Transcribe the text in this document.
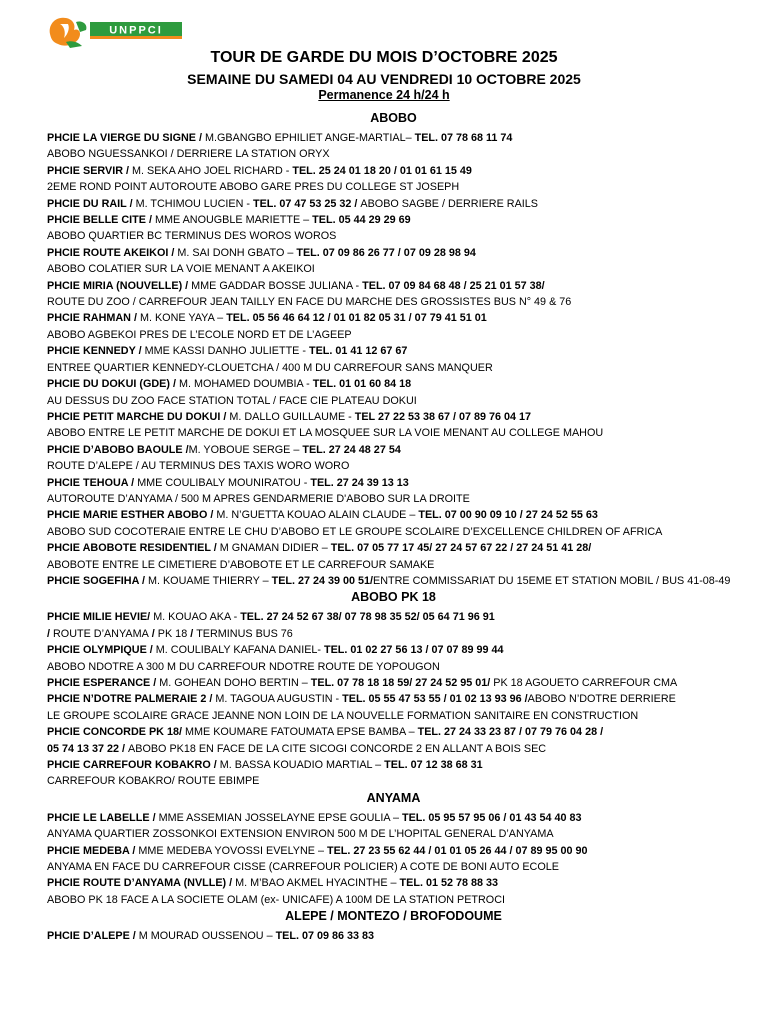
UNPPCI
TOUR DE GARDE DU MOIS D’OCTOBRE 2025
SEMAINE DU SAMEDI 04 AU VENDREDI 10 OCTOBRE 2025
Permanence 24 h/24 h
ABOBO
PHCIE LA VIERGE DU SIGNE / M.GBANGBO EPHILIET ANGE-MARTIAL– TEL. 07 78 68 11 74
ABOBO NGUESSANKOI / DERRIERE LA STATION ORYX
PHCIE SERVIR / M. SEKA AHO JOEL RICHARD - TEL. 25 24 01 18 20 / 01 01 61 15 49
2EME ROND POINT AUTOROUTE ABOBO GARE PRES DU COLLEGE ST JOSEPH
PHCIE DU RAIL / M. TCHIMOU LUCIEN - TEL. 07 47 53 25 32 / ABOBO SAGBE / DERRIERE RAILS
PHCIE BELLE CITE / MME ANOUGBLE MARIETTE – TEL. 05 44 29 29 69
ABOBO QUARTIER BC TERMINUS DES WOROS WOROS
PHCIE ROUTE AKEIKOI / M. SAI DONH GBATO – TEL. 07 09 86 26 77 / 07 09 28 98 94
ABOBO COLATIER SUR LA VOIE MENANT A AKEIKOI
PHCIE MIRIA (NOUVELLE) / MME GADDAR BOSSE JULIANA - TEL. 07 09 84 68 48 / 25 21 01 57 38/
ROUTE DU ZOO / CARREFOUR JEAN TAILLY EN FACE DU MARCHE DES GROSSISTES BUS N° 49 & 76
PHCIE RAHMAN / M. KONE YAYA – TEL. 05 56 46 64 12 / 01 01 82 05 31 / 07 79 41 51 01
ABOBO AGBEKOI PRES DE L’ECOLE NORD ET DE L’AGEEP
PHCIE KENNEDY / MME KASSI DANHO JULIETTE - TEL. 01 41 12 67 67
ENTREE QUARTIER KENNEDY-CLOUETCHA / 400 M DU CARREFOUR SANS MANQUER
PHCIE DU DOKUI (GDE) / M. MOHAMED DOUMBIA - TEL. 01 01 60 84 18
AU DESSUS DU ZOO FACE STATION TOTAL / FACE CIE PLATEAU DOKUI
PHCIE PETIT MARCHE DU DOKUI / M. DALLO GUILLAUME - TEL 27 22 53 38 67 / 07 89 76 04 17
ABOBO ENTRE LE PETIT MARCHE DE DOKUI ET LA MOSQUEE SUR LA VOIE MENANT AU COLLEGE MAHOU
PHCIE D’ABOBO BAOULE /M. YOBOUE SERGE – TEL. 27 24 48 27 54
ROUTE D’ALEPE / AU TERMINUS DES TAXIS WORO WORO
PHCIE TEHOUA / MME COULIBALY MOUNIRATOU - TEL. 27 24 39 13 13
AUTOROUTE D’ANYAMA / 500 M APRES GENDARMERIE D'ABOBO SUR LA DROITE
PHCIE MARIE ESTHER ABOBO / M. N’GUETTA KOUAO ALAIN CLAUDE – TEL. 07 00 90 09 10 / 27 24 52 55 63
ABOBO SUD COCOTERAIE ENTRE LE CHU D’ABOBO ET LE GROUPE SCOLAIRE D’EXCELLENCE CHILDREN OF AFRICA
PHCIE ABOBOTE RESIDENTIEL / M GNAMAN DIDIER – TEL. 07 05 77 17 45/ 27 24 57 67 22 / 27 24 51 41 28/
ABOBOTE ENTRE LE CIMETIERE D’ABOBOTE ET LE CARREFOUR SAMAKE
PHCIE SOGEFIHA / M. KOUAME THIERRY – TEL. 27 24 39 00 51/ENTRE COMMISSARIAT DU 15EME ET STATION MOBIL / BUS 41-08-49
ABOBO PK 18
PHCIE MILIE HEVIE/ M. KOUAO AKA - TEL. 27 24 52 67 38/ 07 78 98 35 52/ 05 64 71 96 91
/ ROUTE D’ANYAMA / PK 18 / TERMINUS BUS 76
PHCIE OLYMPIQUE / M. COULIBALY KAFANA DANIEL- TEL. 01 02 27 56 13 / 07 07 89 99 44
ABOBO NDOTRE A 300 M DU CARREFOUR NDOTRE ROUTE DE YOPOUGON
PHCIE ESPERANCE / M. GOHEAN DOHO BERTIN – TEL. 07 78 18 18 59/ 27 24 52 95 01/ PK 18 AGOUETO CARREFOUR CMA
PHCIE N’DOTRE PALMERAIE 2 / M. TAGOUA AUGUSTIN - TEL. 05 55 47 53 55 / 01 02 13 93 96 /ABOBO N’DOTRE DERRIERE
LE GROUPE SCOLAIRE GRACE JEANNE NON LOIN DE LA NOUVELLE FORMATION SANITAIRE EN CONSTRUCTION
PHCIE CONCORDE PK 18/ MME KOUMARE FATOUMATA EPSE BAMBA – TEL. 27 24 33 23 87 / 07 79 76 04 28 /
05 74 13 37 22 / ABOBO PK18 EN FACE DE LA CITE SICOGI CONCORDE 2 EN ALLANT A BOIS SEC
PHCIE CARREFOUR KOBAKRO / M. BASSA KOUADIO MARTIAL – TEL. 07 12 38 68 31
CARREFOUR KOBAKRO/ ROUTE EBIMPE
ANYAMA
PHCIE LE LABELLE / MME ASSEMIAN JOSSELAYNE EPSE GOULIA – TEL. 05 95 57 95 06 / 01 43 54 40 83
ANYAMA QUARTIER ZOSSONKOI EXTENSION ENVIRON 500 M DE L’HOPITAL GENERAL D’ANYAMA
PHCIE MEDEBA / MME MEDEBA YOVOSSI EVELYNE – TEL. 27 23 55 62 44 / 01 01 05 26 44 / 07 89 95 00 90
ANYAMA EN FACE DU CARREFOUR CISSE (CARREFOUR POLICIER) A COTE DE BONI AUTO ECOLE
PHCIE ROUTE D’ANYAMA (NVLLE) / M. M’BAO AKMEL HYACINTHE – TEL. 01 52 78 88 33
ABOBO PK 18 FACE A LA SOCIETE OLAM (ex- UNICAFE) A 100M DE LA STATION PETROCI
ALEPE / MONTEZO / BROFODOUME
PHCIE D’ALEPE / M MOURAD OUSSENOU – TEL. 07 09 86 33 83
